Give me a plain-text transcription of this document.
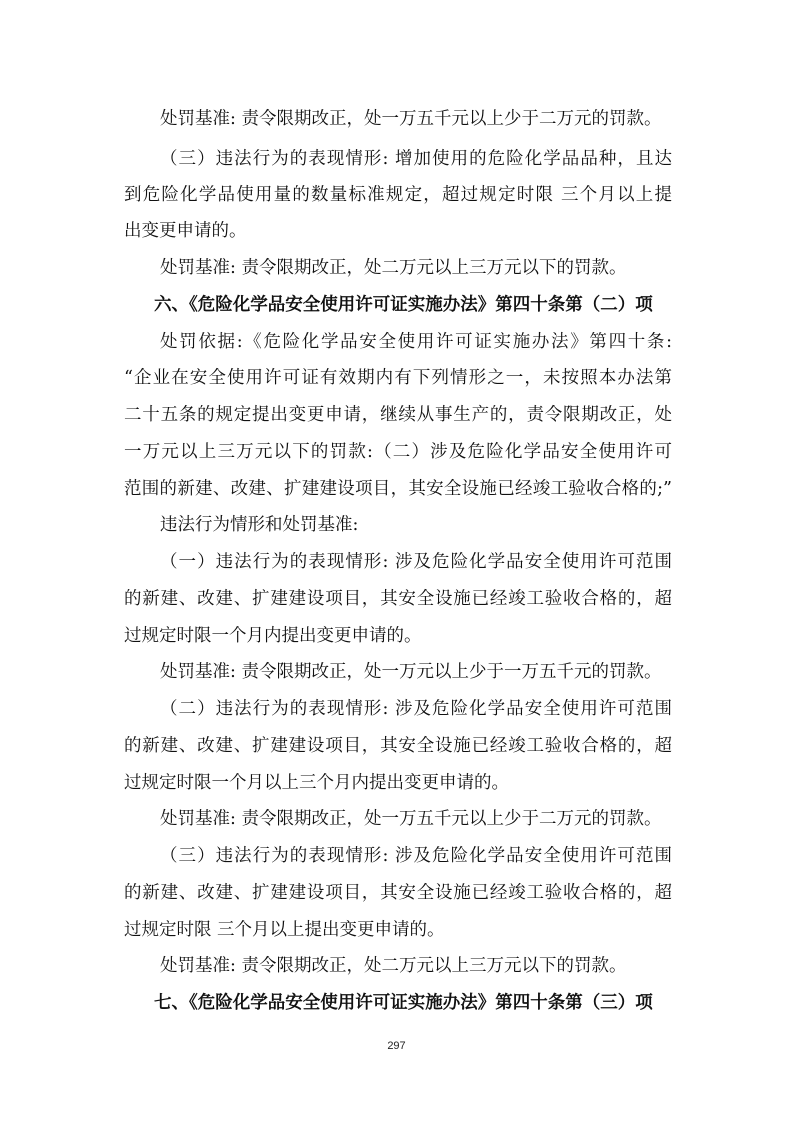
处罚基准: 责令限期改正，处一万五千元以上少于二万元的罚款。
（三）违法行为的表现情形: 增加使用的危险化学品品种，且达
到危险化学品使用量的数量标准规定，超过规定时限 三个月以上提
出变更申请的。
处罚基准: 责令限期改正，处二万元以上三万元以下的罚款。
六、《危险化学品安全使用许可证实施办法》第四十条第（二）项
处罚依据:《危险化学品安全使用许可证实施办法》第四十条:
“企业在安全使用许可证有效期内有下列情形之一，未按照本办法第
二十五条的规定提出变更申请，继续从事生产的，责令限期改正，处
一万元以上三万元以下的罚款:（二）涉及危险化学品安全使用许可
范围的新建、改建、扩建建设项目，其安全设施已经竣工验收合格的;”
违法行为情形和处罚基准:
（一）违法行为的表现情形: 涉及危险化学品安全使用许可范围
的新建、改建、扩建建设项目，其安全设施已经竣工验收合格的，超
过规定时限一个月内提出变更申请的。
处罚基准: 责令限期改正，处一万元以上少于一万五千元的罚款。
（二）违法行为的表现情形: 涉及危险化学品安全使用许可范围
的新建、改建、扩建建设项目，其安全设施已经竣工验收合格的，超
过规定时限一个月以上三个月内提出变更申请的。
处罚基准: 责令限期改正，处一万五千元以上少于二万元的罚款。
（三）违法行为的表现情形: 涉及危险化学品安全使用许可范围
的新建、改建、扩建建设项目，其安全设施已经竣工验收合格的，超
过规定时限 三个月以上提出变更申请的。
处罚基准: 责令限期改正，处二万元以上三万元以下的罚款。
七、《危险化学品安全使用许可证实施办法》第四十条第（三）项
297
